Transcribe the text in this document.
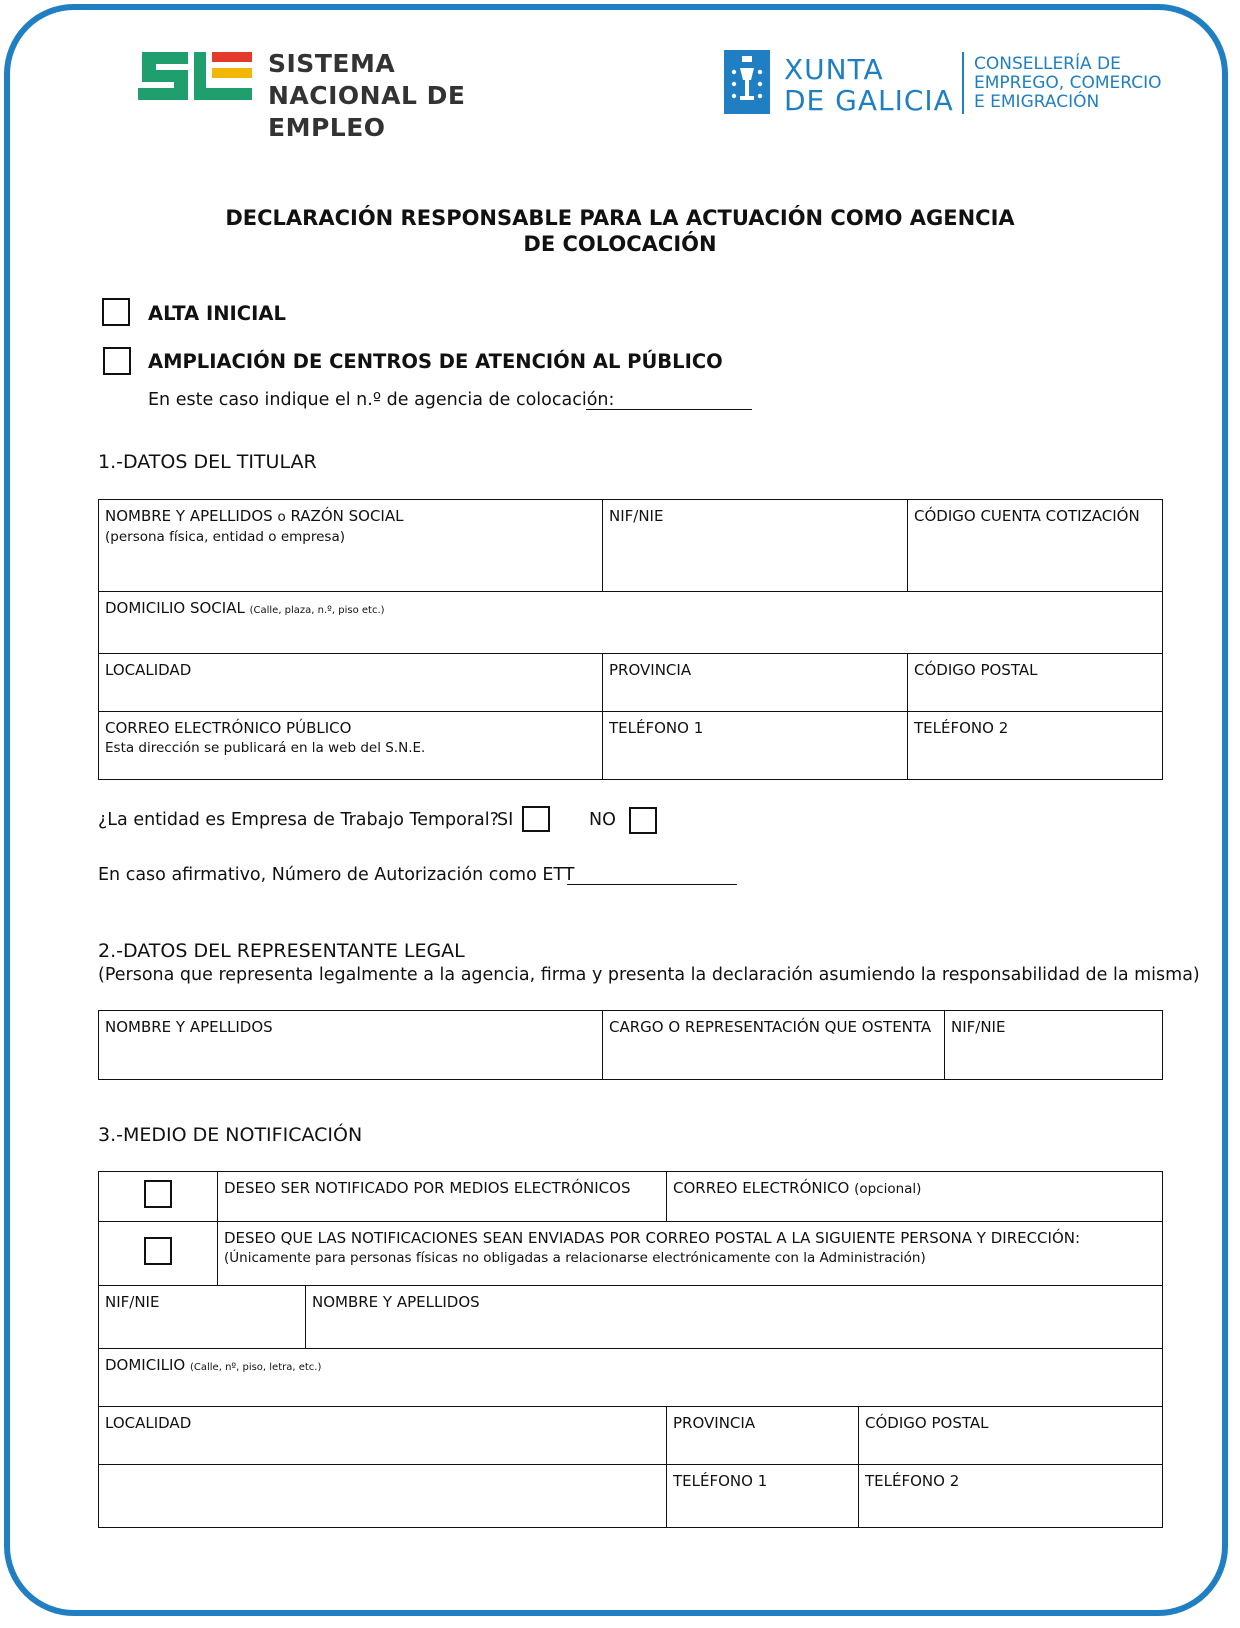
SISTEMA
NACIONAL DE EMPLEO
XUNTA
DE GALICIA
CONSELLERÍA DE
EMPREGO, COMERCIO
E EMIGRACIÓN
DECLARACIÓN RESPONSABLE PARA LA ACTUACIÓN COMO AGENCIA
DE COLOCACIÓN
ALTA INICIAL
AMPLIACIÓN DE CENTROS DE ATENCIÓN AL PÚBLICO
En este caso indique el n.º de agencia de colocación:
1.-DATOS DEL TITULAR
NOMBRE Y APELLIDOS o RAZÓN SOCIAL
(persona física, entidad o empresa)	NIF/NIE	CÓDIGO CUENTA COTIZACIÓN
DOMICILIO SOCIAL (Calle, plaza, n.º, piso etc.)		
LOCALIDAD	PROVINCIA	CÓDIGO POSTAL
CORREO ELECTRÓNICO PÚBLICO
Esta dirección se publicará en la web del S.N.E.	TELÉFONO 1	TELÉFONO 2
¿La entidad es Empresa de Trabajo Temporal?
SI	NO
En caso afirmativo, Número de Autorización como ETT
2.-DATOS DEL REPRESENTANTE LEGAL
(Persona que representa legalmente a la agencia, firma y presenta la declaración asumiendo la responsabilidad de la misma)
NOMBRE Y APELLIDOS	CARGO O REPRESENTACIÓN QUE OSTENTA	NIF/NIE
3.-MEDIO DE NOTIFICACIÓN
	DESEO SER NOTIFICADO POR MEDIOS ELECTRÓNICOS		CORREO ELECTRÓNICO (opcional)	
	DESEO QUE LAS NOTIFICACIONES SEAN ENVIADAS POR CORREO POSTAL A LA SIGUIENTE PERSONA Y DIRECCIÓN:
(Únicamente para personas físicas no obligadas a relacionarse electrónicamente con la Administración)			
NIF/NIE		NOMBRE Y APELLIDOS		
DOMICILIO (Calle, nº, piso, letra, etc.)				
LOCALIDAD			PROVINCIA	CÓDIGO POSTAL
			TELÉFONO 1	TELÉFONO 2
